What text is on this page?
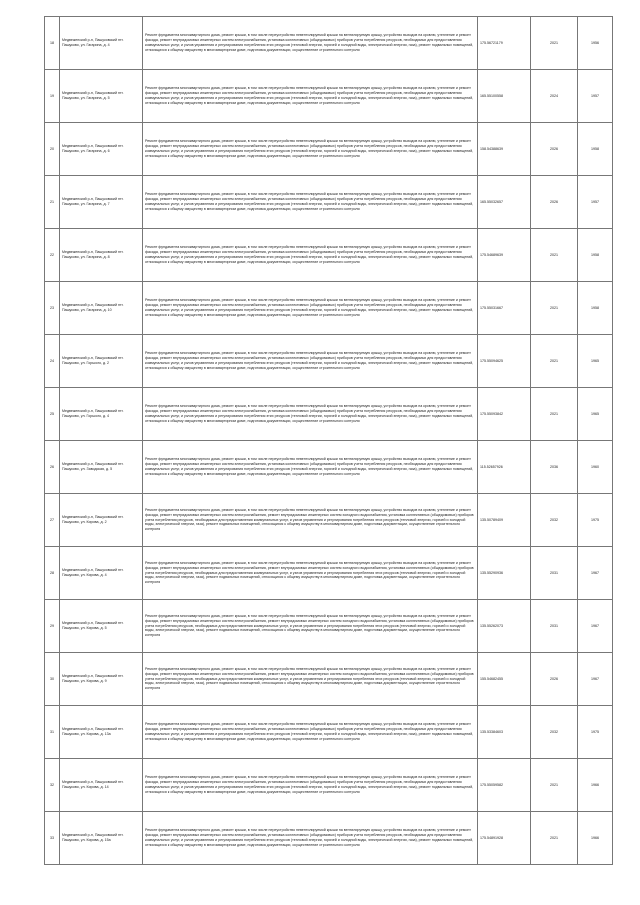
18	Медвеженский р-н, Пашуковский пгт. Пашуково, ул. Гагарина, д. 4	Ремонт фундамента многоквартирного дома, ремонт крыши, в том числе переустройство невентилируемой крыши на вентилируемую крышу, устройство выходов на кровлю, утепление и ремонт фасада, ремонт внутридомовых инженерных систем электроснабжения, установка коллективных (общедомовых) приборов учета потребления ресурсов, необходимых для предоставления коммунальных услуг, и узлов управления и регулирования потребления этих ресурсов (тепловой энергии, горячей и холодной воды, электрической энергии, газа), ремонт подвальных помещений, относящихся к общему имуществу в многоквартирном доме, подготовка документации, осуществление строительного контроля	175.56721179	2021	1956
19	Медвеженский р-н, Пашуковский пгт. Пашуково, ул. Гагарина, д. 5	Ремонт фундамента многоквартирного дома, ремонт крыши, в том числе переустройство невентилируемой крыши на вентилируемую крышу, устройство выходов на кровлю, утепление и ремонт фасада, ремонт внутридомовых инженерных систем электроснабжения, установка коллективных (общедомовых) приборов учета потребления ресурсов, необходимых для предоставления коммунальных услуг, и узлов управления и регулирования потребления этих ресурсов (тепловой энергии, горячей и холодной воды, электрической энергии, газа), ремонт подвальных помещений, относящихся к общему имуществу в многоквартирном доме, подготовка документации, осуществление строительного контроля	165.55100558	2024	1957
20	Медвеженский р-н, Пашуковский пгт. Пашуково, ул. Гагарина, д. 6	Ремонт фундамента многоквартирного дома, ремонт крыши, в том числе переустройство невентилируемой крыши на вентилируемую крышу, устройство выходов на кровлю, утепление и ремонт фасада, ремонт внутридомовых инженерных систем электроснабжения, установка коллективных (общедомовых) приборов учета потребления ресурсов, необходимых для предоставления коммунальных услуг, и узлов управления и регулирования потребления этих ресурсов (тепловой энергии, горячей и холодной воды, электрической энергии, газа), ремонт подвальных помещений, относящихся к общему имуществу в многоквартирном доме, подготовка документации, осуществление строительного контроля	158.54388639	2026	1958
21	Медвеженский р-н, Пашуковский пгт. Пашуково, ул. Гагарина, д. 7	Ремонт фундамента многоквартирного дома, ремонт крыши, в том числе переустройство невентилируемой крыши на вентилируемую крышу, устройство выходов на кровлю, утепление и ремонт фасада, ремонт внутридомовых инженерных систем электроснабжения, установка коллективных (общедомовых) приборов учета потребления ресурсов, необходимых для предоставления коммунальных услуг, и узлов управления и регулирования потребления этих ресурсов (тепловой энергии, горячей и холодной воды, электрической энергии, газа), ремонт подвальных помещений, относящихся к общему имуществу в многоквартирном доме, подготовка документации, осуществление строительного контроля	165.55032657	2026	1957
22	Медвеженский р-н, Пашуковский пгт. Пашуково, ул. Гагарина, д. 8	Ремонт фундамента многоквартирного дома, ремонт крыши, в том числе переустройство невентилируемой крыши на вентилируемую крышу, устройство выходов на кровлю, утепление и ремонт фасада, ремонт внутридомовых инженерных систем электроснабжения, установка коллективных (общедомовых) приборов учета потребления ресурсов, необходимых для предоставления коммунальных услуг, и узлов управления и регулирования потребления этих ресурсов (тепловой энергии, горячей и холодной воды, электрической энергии, газа), ремонт подвальных помещений, относящихся к общему имуществу в многоквартирном доме, подготовка документации, осуществление строительного контроля	175.54689639	2021	1958
23	Медвеженский р-н, Пашуковский пгт. Пашуково, ул. Гагарина, д. 10	Ремонт фундамента многоквартирного дома, ремонт крыши, в том числе переустройство невентилируемой крыши на вентилируемую крышу, устройство выходов на кровлю, утепление и ремонт фасада, ремонт внутридомовых инженерных систем электроснабжения, установка коллективных (общедомовых) приборов учета потребления ресурсов, необходимых для предоставления коммунальных услуг, и узлов управления и регулирования потребления этих ресурсов (тепловой энергии, горячей и холодной воды, электрической энергии, газа), ремонт подвальных помещений, относящихся к общему имуществу в многоквартирном доме, подготовка документации, осуществление строительного контроля	175.55031667	2021	1958
24	Медвеженский р-н, Пашуковский пгт. Пашуково, ул. Горького, д. 2	Ремонт фундамента многоквартирного дома, ремонт крыши, в том числе переустройство невентилируемой крыши на вентилируемую крышу, устройство выходов на кровлю, утепление и ремонт фасада, ремонт внутридомовых инженерных систем электроснабжения, установка коллективных (общедомовых) приборов учета потребления ресурсов, необходимых для предоставления коммунальных услуг, и узлов управления и регулирования потребления этих ресурсов (тепловой энергии, горячей и холодной воды, электрической энергии, газа), ремонт подвальных помещений, относящихся к общему имуществу в многоквартирном доме, подготовка документации, осуществление строительного контроля	175.55094625	2021	1965
25	Медвеженский р-н, Пашуковский пгт. Пашуково, ул. Горького, д. 4	Ремонт фундамента многоквартирного дома, ремонт крыши, в том числе переустройство невентилируемой крыши на вентилируемую крышу, устройство выходов на кровлю, утепление и ремонт фасада, ремонт внутридомовых инженерных систем электроснабжения, установка коллективных (общедомовых) приборов учета потребления ресурсов, необходимых для предоставления коммунальных услуг, и узлов управления и регулирования потребления этих ресурсов (тепловой энергии, горячей и холодной воды, электрической энергии, газа), ремонт подвальных помещений, относящихся к общему имуществу в многоквартирном доме, подготовка документации, осуществление строительного контроля	175.55093842	2021	1965
26	Медвеженский р-н, Пашуковский пгт. Пашуково, ул. Заводская, д. 5	Ремонт фундамента многоквартирного дома, ремонт крыши, в том числе переустройство невентилируемой крыши на вентилируемую крышу, устройство выходов на кровлю, утепление и ремонт фасада, ремонт внутридомовых инженерных систем электроснабжения, установка коллективных (общедомовых) приборов учета потребления ресурсов, необходимых для предоставления коммунальных услуг, и узлов управления и регулирования потребления этих ресурсов (тепловой энергии, горячей и холодной воды, электрической энергии, газа), ремонт подвальных помещений, относящихся к общему имуществу в многоквартирном доме, подготовка документации, осуществление строительного контроля	115.52657926	2036	1960
27	Медвеженский р-н, Пашуковский пгт. Пашуково, ул. Кирова, д. 2	Ремонт фундамента многоквартирного дома, ремонт крыши, в том числе переустройство невентилируемой крыши на вентилируемую крышу, устройство выходов на кровлю, утепление и ремонт фасада, ремонт внутридомовых инженерных систем электроснабжения, ремонт внутридомовых инженерных систем холодного водоснабжения, установка коллективных (общедомовых) приборов учета потребления ресурсов, необходимых для предоставления коммунальных услуг, и узлов управления и регулирования потребления этих ресурсов (тепловой энергии, горячей и холодной воды, электрической энергии, газа), ремонт подвальных помещений, относящихся к общему имуществу в многоквартирном доме, подготовка документации, осуществление строительного контроля	135.50789409	2032	1975
28	Медвеженский р-н, Пашуковский пгт. Пашуково, ул. Кирова, д. 4	Ремонт фундамента многоквартирного дома, ремонт крыши, в том числе переустройство невентилируемой крыши на вентилируемую крышу, устройство выходов на кровлю, утепление и ремонт фасада, ремонт внутридомовых инженерных систем электроснабжения, ремонт внутридомовых инженерных систем холодного водоснабжения, установка коллективных (общедомовых) приборов учета потребления ресурсов, необходимых для предоставления коммунальных услуг, и узлов управления и регулирования потребления этих ресурсов (тепловой энергии, горячей и холодной воды, электрической энергии, газа), ремонт подвальных помещений, относящихся к общему имуществу в многоквартирном доме, подготовка документации, осуществление строительного контроля	135.55290936	2031	1967
29	Медвеженский р-н, Пашуковский пгт. Пашуково, ул. Кирова, д. 5	Ремонт фундамента многоквартирного дома, ремонт крыши, в том числе переустройство невентилируемой крыши на вентилируемую крышу, устройство выходов на кровлю, утепление и ремонт фасада, ремонт внутридомовых инженерных систем электроснабжения, ремонт внутридомовых инженерных систем холодного водоснабжения, установка коллективных (общедомовых) приборов учета потребления ресурсов, необходимых для предоставления коммунальных услуг, и узлов управления и регулирования потребления этих ресурсов (тепловой энергии, горячей и холодной воды, электрической энергии, газа), ремонт подвальных помещений, относящихся к общему имуществу в многоквартирном доме, подготовка документации, осуществление строительного контроля	135.55262073	2031	1967
30	Медвеженский р-н, Пашуковский пгт. Пашуково, ул. Кирова, д. 9	Ремонт фундамента многоквартирного дома, ремонт крыши, в том числе переустройство невентилируемой крыши на вентилируемую крышу, устройство выходов на кровлю, утепление и ремонт фасада, ремонт внутридомовых инженерных систем электроснабжения, ремонт внутридомовых инженерных систем холодного водоснабжения, установка коллективных (общедомовых) приборов учета потребления ресурсов, необходимых для предоставления коммунальных услуг, и узлов управления и регулирования потребления этих ресурсов (тепловой энергии, горячей и холодной воды, электрической энергии, газа), ремонт подвальных помещений, относящихся к общему имуществу в многоквартирном доме, подготовка документации, осуществление строительного контроля	155.54682455	2026	1967
31	Медвеженский р-н, Пашуковский пгт. Пашуково, ул. Кирова, д. 13а	Ремонт фундамента многоквартирного дома, ремонт крыши, в том числе переустройство невентилируемой крыши на вентилируемую крышу, устройство выходов на кровлю, утепление и ремонт фасада, ремонт внутридомовых инженерных систем электроснабжения, установка коллективных (общедомовых) приборов учета потребления ресурсов, необходимых для предоставления коммунальных услуг, и узлов управления и регулирования потребления этих ресурсов (тепловой энергии, горячей и холодной воды, электрической энергии, газа), ремонт подвальных помещений, относящихся к общему имуществу в многоквартирном доме, подготовка документации, осуществление строительного контроля	135.53384603	2032	1975
32	Медвеженский р-н, Пашуковский пгт. Пашуково, ул. Кирова, д. 14	Ремонт фундамента многоквартирного дома, ремонт крыши, в том числе переустройство невентилируемой крыши на вентилируемую крышу, устройство выходов на кровлю, утепление и ремонт фасада, ремонт внутридомовых инженерных систем электроснабжения, установка коллективных (общедомовых) приборов учета потребления ресурсов, необходимых для предоставления коммунальных услуг, и узлов управления и регулирования потребления этих ресурсов (тепловой энергии, горячей и холодной воды, электрической энергии, газа), ремонт подвальных помещений, относящихся к общему имуществу в многоквартирном доме, подготовка документации, осуществление строительного контроля	175.55059582	2021	1966
33	Медвеженский р-н, Пашуковский пгт. Пашуково, ул. Кирова, д. 15а	Ремонт фундамента многоквартирного дома, ремонт крыши, в том числе переустройство невентилируемой крыши на вентилируемую крышу, устройство выходов на кровлю, утепление и ремонт фасада, ремонт внутридомовых инженерных систем электроснабжения, установка коллективных (общедомовых) приборов учета потребления ресурсов, необходимых для предоставления коммунальных услуг, и узлов управления и регулирования потребления этих ресурсов (тепловой энергии, горячей и холодной воды, электрической энергии, газа), ремонт подвальных помещений, относящихся к общему имуществу в многоквартирном доме, подготовка документации, осуществление строительного контроля	175.54891928	2021	1966
